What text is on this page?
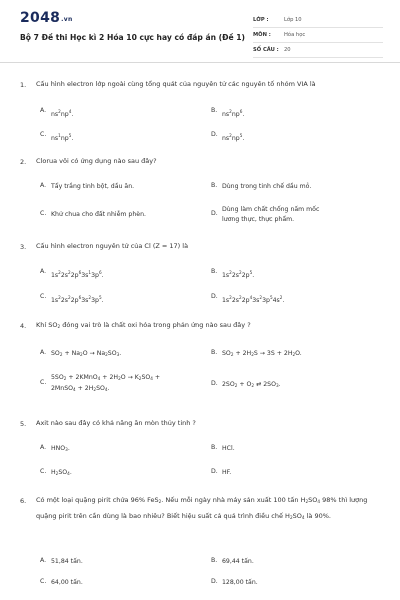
2048.vn
Bộ 7 Đề thi Học kì 2 Hóa 10 cực hay có đáp án (Đề 1)
LỚP :	Lớp 10
MÔN :	Hóa học
SỐ CÂU : 20
1. Cấu hình electron lớp ngoài cùng tổng quát của nguyên tử các nguyên tố nhóm VIA là
A.
$ns^2np^4$.
B.
$ns^2np^6$.
C.
$ns^1np^5$.
D.
$ns^2np^5$.
2. Clorua vôi có ứng dụng nào sau đây?
A. Tẩy trắng tinh bột, dầu ăn.	B. Dùng trong tinh chế dầu mỏ.
C. Khử chua cho đất nhiễm phèn.	D.
Dùng làm chất chống nấm mốc lương thực, thực phẩm.
3. Cấu hình electron nguyên tử của Cl (Z = 17) là
A.
$1s^22s^22p^63s^13p^6$.
B.
$1s^22s^22p^5$.
C.
$1s^22s^22p^63s^23p^5$.
D.
$1s^22s^22p^43s^23p^54s^2$.
4. Khí $SO_2$ đóng vai trò là chất oxi hóa trong phản ứng nào sau đây ?
A. $SO_2 + Na_2O \to Na_2SO_3$.	B. $SO_2 + 2H_2S \to 3S + 2H_2O$.
C.
$5SO_2$ + 2KMnO$_4$ + $2H_2O \to K_2SO_4$ +
2MnSO$_4$ + $2H_2SO_4$.
D. $2SO_2 + O_2$ ⇄ $2SO_3$.
5. Axit nào sau đây có khả năng ăn mòn thủy tinh ?
A. $HNO_3$.	B. HCl.
C. $H_2SO_4$.	D. HF.
6. Có một loại quặng pirit chứa 96% FeS$_2$. Nếu mỗi ngày nhà máy sản xuất 100 tấn $H_2SO_4$ 98% thì lượng quặng pirit trên cần dùng là bao nhiêu? Biết hiệu suất cả quá trình điều chế $H_2SO_4$ là 90%.
A. 51,84 tấn.	B. 69,44 tấn.
C. 64,00 tấn.	D. 128,00 tấn.
